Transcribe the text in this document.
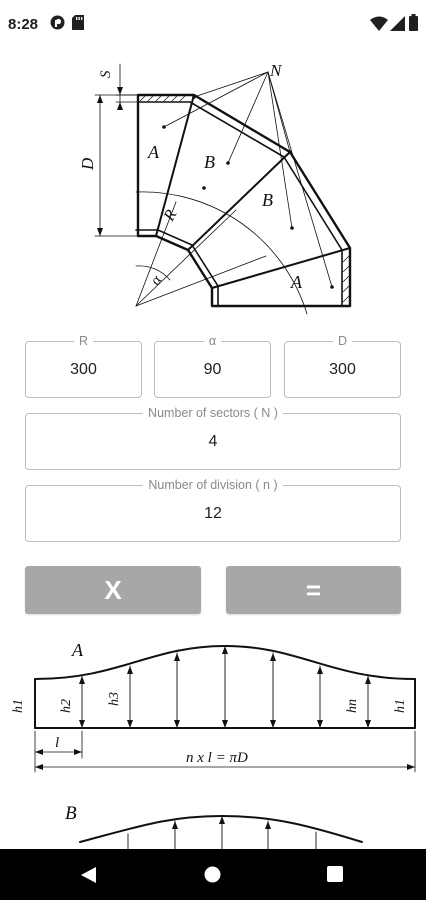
8:28
S	N
D
A	B
B
A
R
α
R
300
α
90
D
300
Number of sectors ( N )
4
Number of division ( n )
12
X	=
A
h1 h2 h3	hn h1
l
n x l = πD
B
